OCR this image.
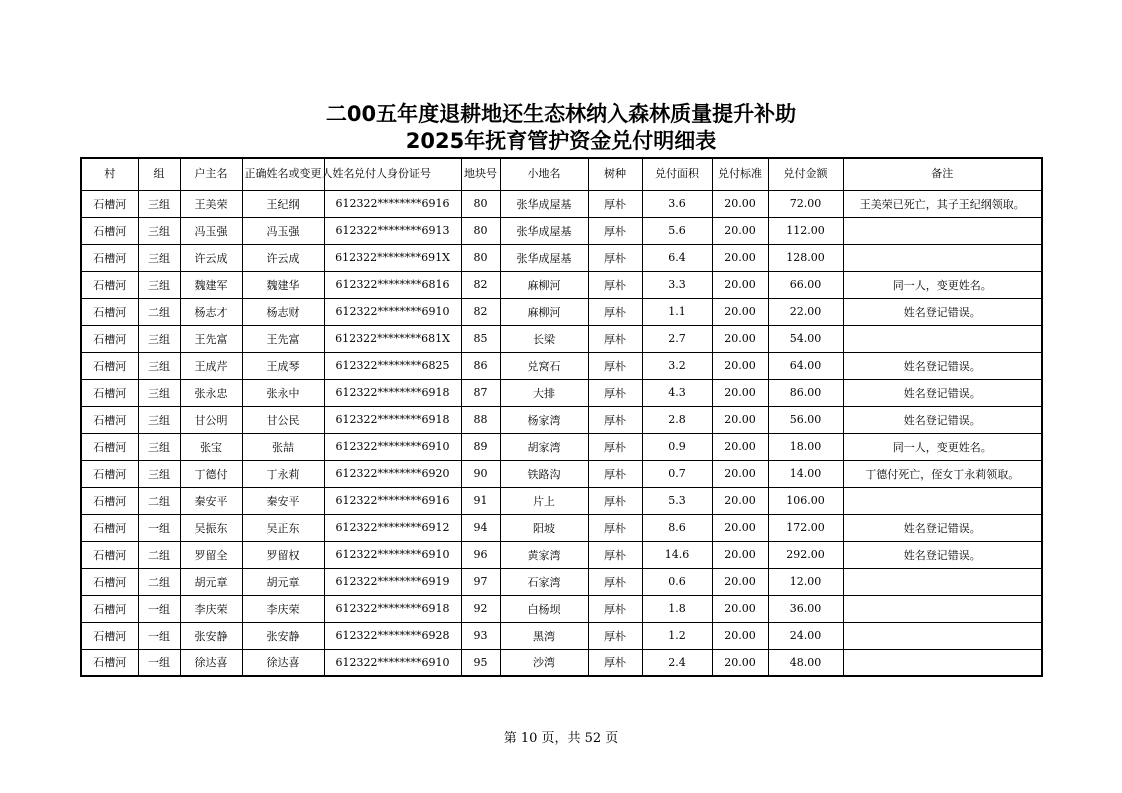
二00五年度退耕地还生态林纳入森林质量提升补助
2025年抚育管护资金兑付明细表
村	组	户主名	正确姓名或变更人姓名	兑付人身份证号	地块号	小地名	树种	兑付面积	兑付标准	兑付金额	备注
石槽河	三组	王美荣	王纪纲	612322********6916	80	张华成屋基	厚朴	3.6	20.00	72.00	王美荣已死亡，其子王纪纲领取。
石槽河	三组	冯玉强	冯玉强	612322********6913	80	张华成屋基	厚朴	5.6	20.00	112.00	
石槽河	三组	许云成	许云成	612322********691X	80	张华成屋基	厚朴	6.4	20.00	128.00	
石槽河	三组	魏建军	魏建华	612322********6816	82	麻柳河	厚朴	3.3	20.00	66.00	同一人，变更姓名。
石槽河	二组	杨志才	杨志财	612322********6910	82	麻柳河	厚朴	1.1	20.00	22.00	姓名登记错误。
石槽河	三组	王先富	王先富	612322********681X	85	长梁	厚朴	2.7	20.00	54.00	
石槽河	三组	王成芹	王成琴	612322********6825	86	兑窝石	厚朴	3.2	20.00	64.00	姓名登记错误。
石槽河	三组	张永忠	张永中	612322********6918	87	大排	厚朴	4.3	20.00	86.00	姓名登记错误。
石槽河	三组	甘公明	甘公民	612322********6918	88	杨家湾	厚朴	2.8	20.00	56.00	姓名登记错误。
石槽河	三组	张宝	张喆	612322********6910	89	胡家湾	厚朴	0.9	20.00	18.00	同一人，变更姓名。
石槽河	三组	丁德付	丁永莉	612322********6920	90	铁路沟	厚朴	0.7	20.00	14.00	丁德付死亡，侄女丁永莉领取。
石槽河	二组	秦安平	秦安平	612322********6916	91	片上	厚朴	5.3	20.00	106.00	
石槽河	一组	吴振东	吴正东	612322********6912	94	阳坡	厚朴	8.6	20.00	172.00	姓名登记错误。
石槽河	二组	罗留全	罗留权	612322********6910	96	黄家湾	厚朴	14.6	20.00	292.00	姓名登记错误。
石槽河	二组	胡元章	胡元章	612322********6919	97	石家湾	厚朴	0.6	20.00	12.00	
石槽河	一组	李庆荣	李庆荣	612322********6918	92	白杨坝	厚朴	1.8	20.00	36.00	
石槽河	一组	张安静	张安静	612322********6928	93	黑湾	厚朴	1.2	20.00	24.00	
石槽河	一组	徐达喜	徐达喜	612322********6910	95	沙湾	厚朴	2.4	20.00	48.00	
第 10 页，共 52 页
